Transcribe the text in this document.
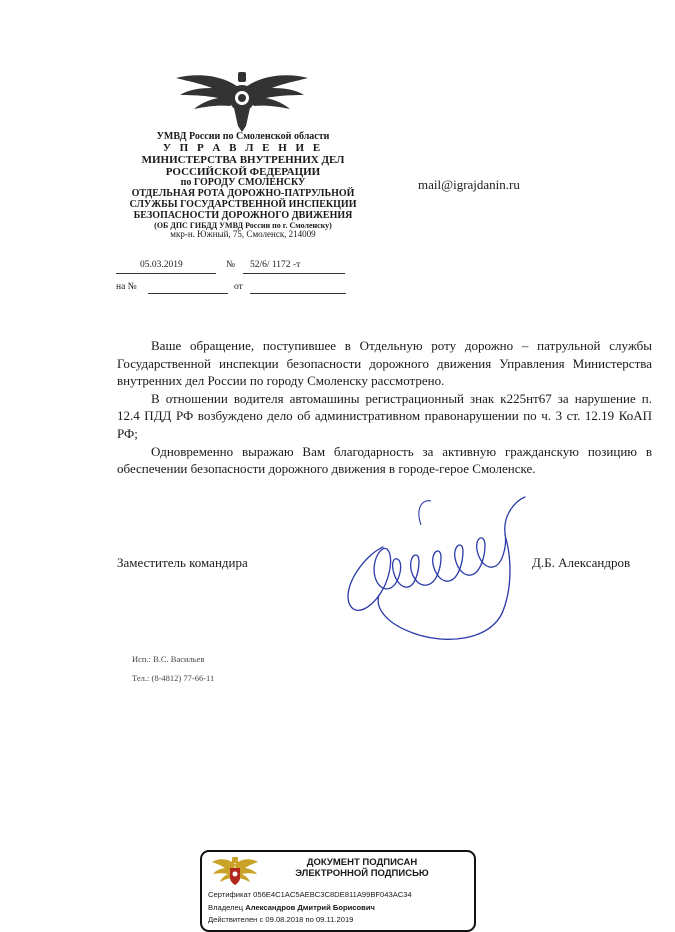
УМВД России по Смоленской области
У П Р А В Л Е Н И Е
МИНИСТЕРСТВА ВНУТРЕННИХ ДЕЛ
РОССИЙСКОЙ ФЕДЕРАЦИИ
по ГОРОДУ СМОЛЕНСКУ
ОТДЕЛЬНАЯ РОТА ДОРОЖНО-ПАТРУЛЬНОЙ
СЛУЖБЫ ГОСУДАРСТВЕННОЙ ИНСПЕКЦИИ
БЕЗОПАСНОСТИ ДОРОЖНОГО ДВИЖЕНИЯ
(ОБ ДПС ГИБДД УМВД России по г. Смоленску)
мкр-н. Южный, 75, Смоленск, 214009
05.03.2019	№ 52/6/ 1172 -т
на №	от
mail@igrajdanin.ru

Ваше обращение, поступившее в Отдельную роту дорожно – патрульной службы Государственной инспекции безопасности дорожного движения Управления Министерства внутренних дел России по городу Смоленску рассмотрено.

В отношении водителя автомашины регистрационный знак к225нт67 за нарушение п. 12.4 ПДД РФ возбуждено дело об административном правонарушении по ч. 3 ст. 12.19 КоАП РФ;

Одновременно выражаю Вам благодарность за активную гражданскую позицию в обеспечении безопасности дорожного движения в городе-герое Смоленске.

Заместитель командира	Д.Б. Александров
Исп.: В.С. Васильев
Тел.: (8-4812) 77-66-11
ДОКУМЕНТ ПОДПИСАН
ЭЛЕКТРОННОЙ ПОДПИСЬЮ
Сертификат 056E4C1AC5AEBC3C8DE811A99BF043AC34
Владелец Александров Дмитрий Борисович
Действителен с 09.08.2018 по 09.11.2019
